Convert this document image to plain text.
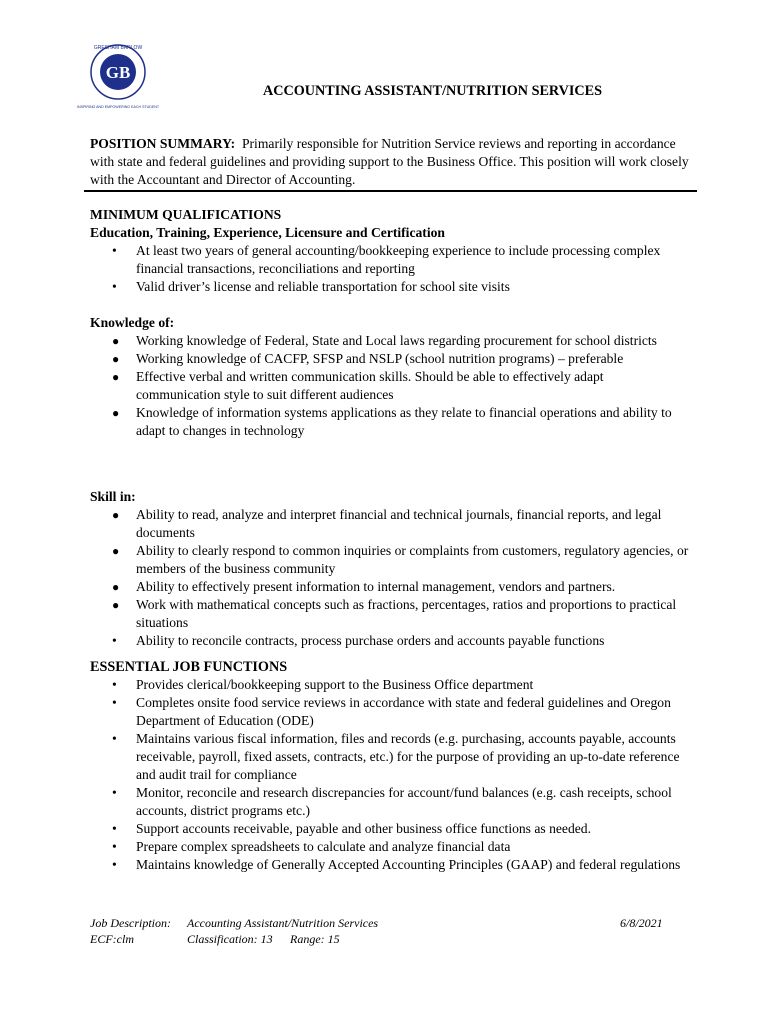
GB
GRESHAM BARLOW
INSPIRING AND EMPOWERING EACH STUDENT
ACCOUNTING ASSISTANT/NUTRITION SERVICES
POSITION SUMMARY: Primarily responsible for Nutrition Service reviews and reporting in accordance with state and federal guidelines and providing support to the Business Office. This position will work closely with the Accountant and Director of Accounting.
MINIMUM QUALIFICATIONS
Education, Training, Experience, Licensure and Certification
• At least two years of general accounting/bookkeeping experience to include processing complex financial transactions, reconciliations and reporting
• Valid driver’s license and reliable transportation for school site visits
Knowledge of:
● Working knowledge of Federal, State and Local laws regarding procurement for school districts
● Working knowledge of CACFP, SFSP and NSLP (school nutrition programs) – preferable
● Effective verbal and written communication skills. Should be able to effectively adapt communication style to suit different audiences
● Knowledge of information systems applications as they relate to financial operations and ability to adapt to changes in technology
Skill in:
● Ability to read, analyze and interpret financial and technical journals, financial reports, and legal documents
● Ability to clearly respond to common inquiries or complaints from customers, regulatory agencies, or members of the business community
● Ability to effectively present information to internal management, vendors and partners.
● Work with mathematical concepts such as fractions, percentages, ratios and proportions to practical situations
• Ability to reconcile contracts, process purchase orders and accounts payable functions
ESSENTIAL JOB FUNCTIONS
• Provides clerical/bookkeeping support to the Business Office department
• Completes onsite food service reviews in accordance with state and federal guidelines and Oregon Department of Education (ODE)
• Maintains various fiscal information, files and records (e.g. purchasing, accounts payable, accounts receivable, payroll, fixed assets, contracts, etc.) for the purpose of providing an up-to-date reference and audit trail for compliance
• Monitor, reconcile and research discrepancies for account/fund balances (e.g. cash receipts, school accounts, district programs etc.)
• Support accounts receivable, payable and other business office functions as needed.
• Prepare complex spreadsheets to calculate and analyze financial data
• Maintains knowledge of Generally Accepted Accounting Principles (GAAP) and federal regulations
Job Description: Accounting Assistant/Nutrition Services	6/8/2021
ECF:clm	Classification: 13 Range: 15
